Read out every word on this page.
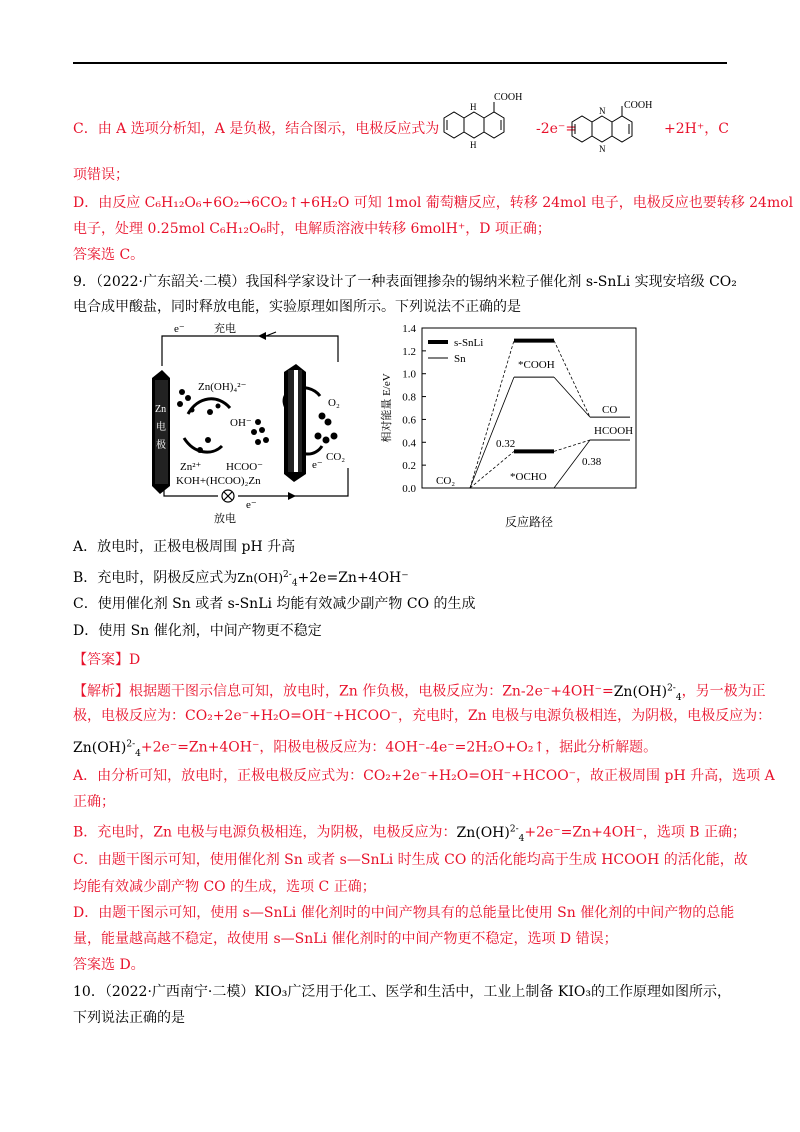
C．由 A 选项分析知，A 是负极，结合图示，电极反应式为
COOH
H
H
-2e⁻=
COOH
N
N
+2H⁺，C
项错误；
D．由反应 C₆H₁₂O₆+6O₂→6CO₂↑+6H₂O 可知 1mol 葡萄糖反应，转移 24mol 电子，电极反应也要转移 24mol
电子，处理 0.25mol C₆H₁₂O₆时，电解质溶液中转移 6molH⁺，D 项正确；
答案选 C。
9．（2022·广东韶关·二模）我国科学家设计了一种表面锂掺杂的锡纳米粒子催化剂 s-SnLi 实现安培级 CO₂
电合成甲酸盐，同时释放电能，实验原理如图所示。下列说法不正确的是
充电
放电
e⁻
e⁻
Zn
电
极
Zn(OH)₄²⁻
OH⁻
Zn²⁺ HCOO⁻
O₂
CO₂
e⁻
KOH+(HCOO)₂Zn
0.0
0.2
0.4
0.6
0.8
1.0
1.2
1.4
相对能量 E/eV
反应路径
CO₂
*COOH
*OCHO
CO
HCOOH
0.32
0.38
s-SnLi
Sn
A．放电时，正极电极周围 pH 升高
B．充电时，阴极反应式为Zn(OH)$^{2-}_4$+2e=Zn+4OH⁻
C．使用催化剂 Sn 或者 s-SnLi 均能有效减少副产物 CO 的生成
D．使用 Sn 催化剂，中间产物更不稳定
【答案】D
【解析】根据题干图示信息可知，放电时，Zn 作负极，电极反应为：Zn-2e⁻+4OH⁻=Zn(OH)$^{2-}_4$，另一极为正
极，电极反应为：CO₂+2e⁻+H₂O=OH⁻+HCOO⁻，充电时，Zn 电极与电源负极相连，为阴极，电极反应为：
Zn(OH)$^{2-}_4$+2e⁻=Zn+4OH⁻，阳极电极反应为：4OH⁻-4e⁻=2H₂O+O₂↑，据此分析解题。
A．由分析可知，放电时，正极电极反应式为：CO₂+2e⁻+H₂O=OH⁻+HCOO⁻，故正极周围 pH 升高，选项 A
正确；
B．充电时，Zn 电极与电源负极相连，为阴极，电极反应为：Zn(OH)$^{2-}_4$+2e⁻=Zn+4OH⁻，选项 B 正确；
C．由题干图示可知，使用催化剂 Sn 或者 s—SnLi 时生成 CO 的活化能均高于生成 HCOOH 的活化能，故
均能有效减少副产物 CO 的生成，选项 C 正确；
D．由题干图示可知，使用 s—SnLi 催化剂时的中间产物具有的总能量比使用 Sn 催化剂的中间产物的总能
量，能量越高越不稳定，故使用 s—SnLi 催化剂时的中间产物更不稳定，选项 D 错误；
答案选 D。
10．（2022·广西南宁·二模）KIO₃广泛用于化工、医学和生活中，工业上制备 KIO₃的工作原理如图所示，
下列说法正确的是
